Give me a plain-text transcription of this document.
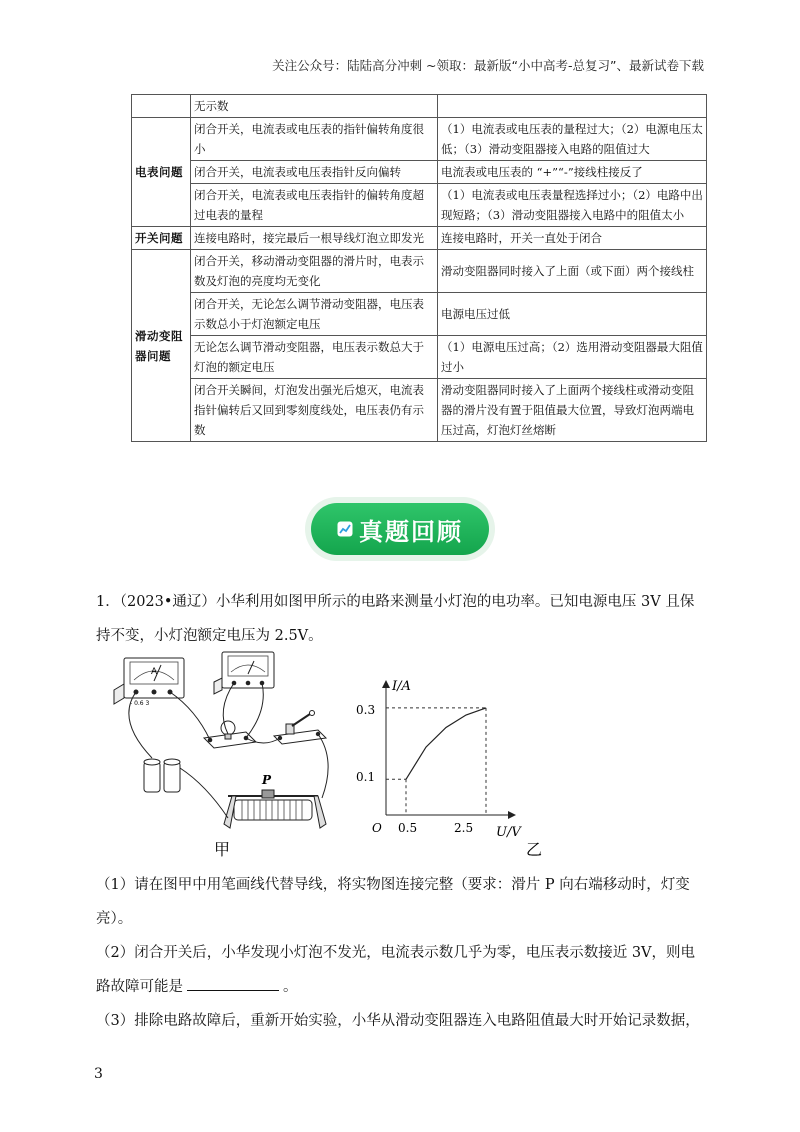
关注公众号：陆陆高分冲刺 ~领取：最新版“小中高考-总复习”、最新试卷下载
	无示数	
电表问题	闭合开关，电流表或电压表的指针偏转角度很小	（1）电流表或电压表的量程过大；（2）电源电压太低；（3）滑动变阻器接入电路的阻值过大
	闭合开关，电流表或电压表指针反向偏转	电流表或电压表的 “+”“-”接线柱接反了
	闭合开关，电流表或电压表指针的偏转角度超过电表的量程	（1）电流表或电压表量程选择过小；（2）电路中出现短路；（3）滑动变阻器接入电路中的阻值太小
开关问题	连接电路时，接完最后一根导线灯泡立即发光	连接电路时，开关一直处于闭合
滑动变阻器问题	闭合开关，移动滑动变阻器的滑片时，电表示数及灯泡的亮度均无变化	滑动变阻器同时接入了上面（或下面）两个接线柱
	闭合开关，无论怎么调节滑动变阻器，电压表示数总小于灯泡额定电压	电源电压过低
	无论怎么调节滑动变阻器，电压表示数总大于灯泡的额定电压	（1）电源电压过高；（2）选用滑动变阻器最大阻值过小
	闭合开关瞬间，灯泡发出强光后熄灭，电流表指针偏转后又回到零刻度线处，电压表仍有示数	滑动变阻器同时接入了上面两个接线柱或滑动变阻器的滑片没有置于阻值最大位置，导致灯泡两端电压过高，灯泡灯丝熔断
真题回顾
1．（2023•通辽）小华利用如图甲所示的电路来测量小灯泡的电功率。已知电源电压 3V 且保持不变，小灯泡额定电压为 2.5V。
A
- 0.6 3
P
甲
I/A
U/V
O
0.3
0.1
0.5	2.5
乙
（1）请在图甲中用笔画线代替导线，将实物图连接完整（要求：滑片 P 向右端移动时，灯变亮）。
（2）闭合开关后，小华发现小灯泡不发光，电流表示数几乎为零，电压表示数接近 3V，则电路故障可能是	。
（3）排除电路故障后，重新开始实验，小华从滑动变阻器连入电路阻值最大时开始记录数据，
3
